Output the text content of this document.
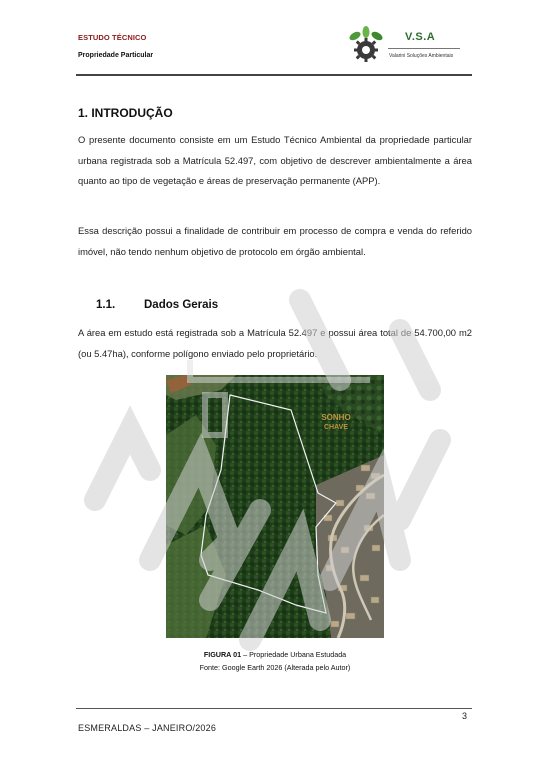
ESTUDO TÉCNICO
Propriedade Particular
V.S.A
Valarini Soluções Ambientais
1. INTRODUÇÃO

O presente documento consiste em um Estudo Técnico Ambiental da propriedade particular urbana registrada sob a Matrícula 52.497, com objetivo de descrever ambientalmente a área quanto ao tipo de vegetação e áreas de preservação permanente (APP).

Essa descrição possui a finalidade de contribuir em processo de compra e venda do referido imóvel, não tendo nenhum objetivo de protocolo em órgão ambiental.

1.1.	Dados Gerais

A área em estudo está registrada sob a Matrícula 52.497 e possui área total de 54.700,00 m2 (ou 5.47ha), conforme polígono enviado pelo proprietário.

SONHO
CHAVE
FIGURA 01 – Propriedade Urbana Estudada
Fonte: Google Earth 2026 (Alterada pelo Autor)
3
ESMERALDAS – JANEIRO/2026
